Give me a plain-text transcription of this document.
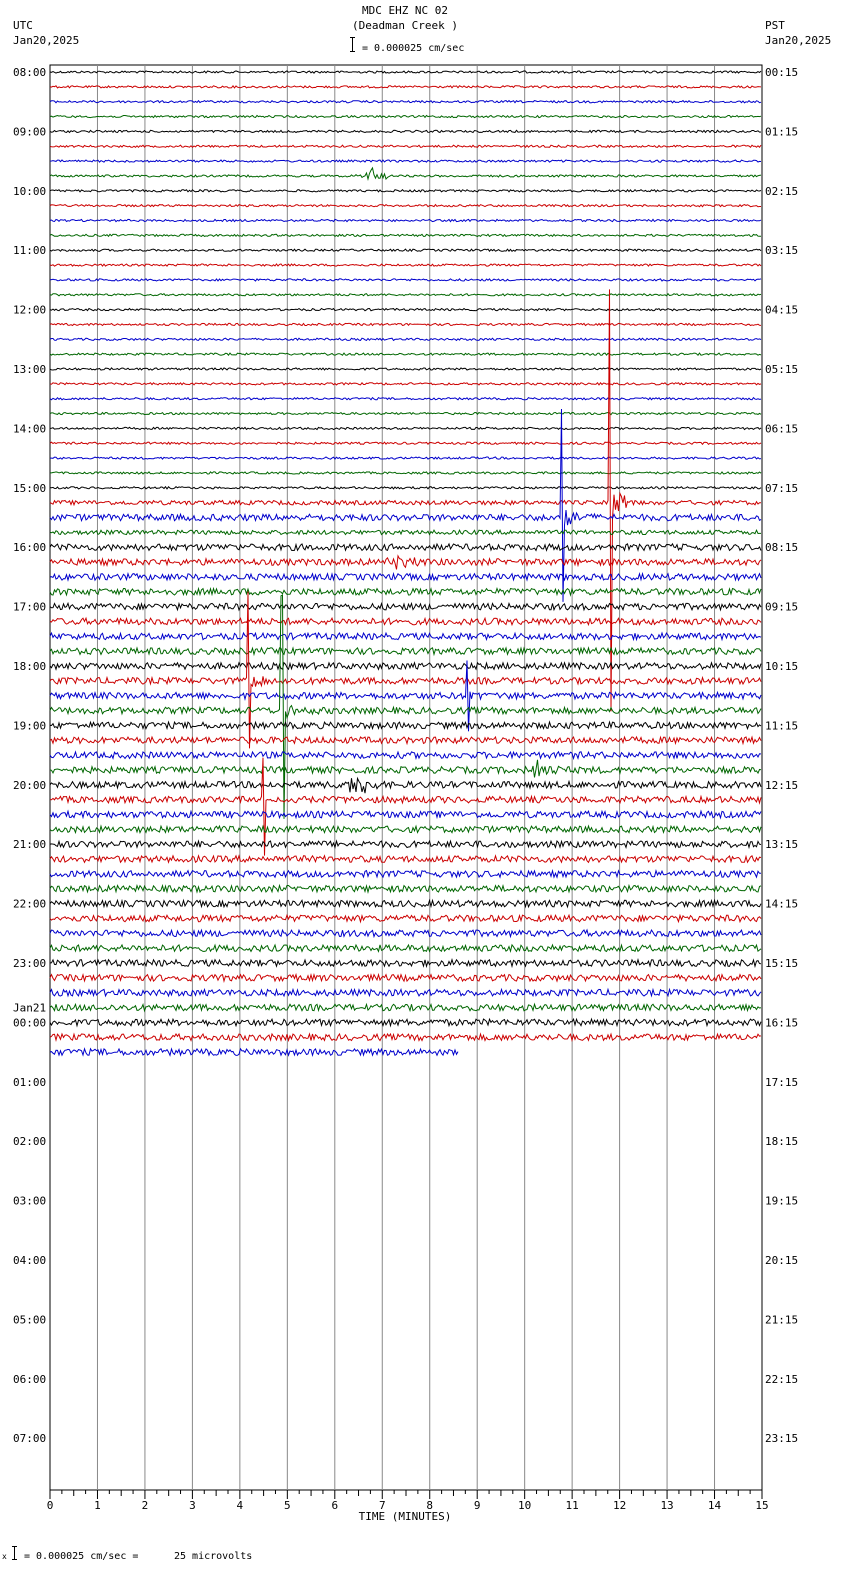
MDC EHZ NC 02
(Deadman Creek )
= 0.000025 cm/sec
UTC
Jan20,2025
PST
Jan20,2025
08:00
09:00
10:00
11:00
12:00
13:00
14:00
15:00
16:00
17:00
18:00
19:00
20:00
21:00
22:00
23:00
00:00
01:00
02:00
03:00
04:00
05:00
06:00
07:00
Jan21
00:15
01:15
02:15
03:15
04:15
05:15
06:15
07:15
08:15
09:15
10:15
11:15
12:15
13:15
14:15
15:15
16:15
17:15
18:15
19:15
20:15
21:15
22:15
23:15
0	1	2	3	4	5	6	7	8	9	10	11	12	13	14	15
TIME (MINUTES)
x = 0.000025 cm/sec =	25 microvolts
